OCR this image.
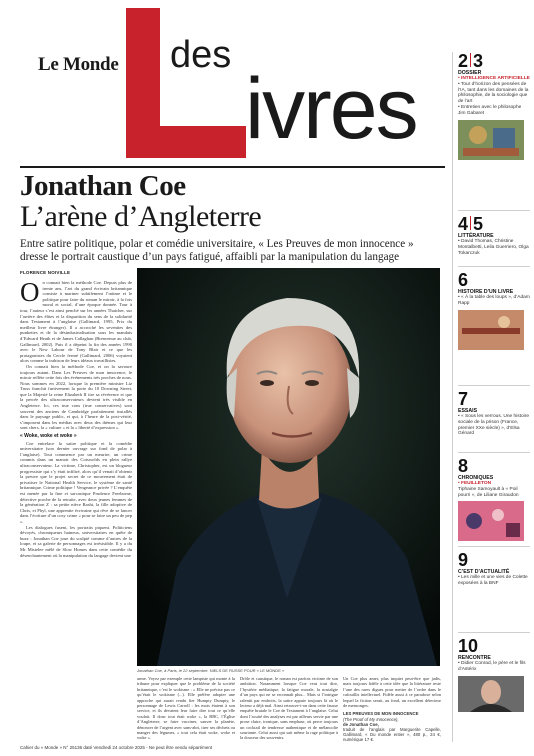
Le Monde des
ivres
Jonathan Coe
L’arène d’Angleterre
Entre satire politique, polar et comédie universitaire, « Les Preuves de mon innocence » dresse le portrait caustique d’un pays fatigué, affaibli par la manipulation du langage
FLORENCE NOIVILLE
O n connait bien la méthode Coe. Depuis plus de trente ans, l’art du grand écrivain britannique consiste à mariner subtilement l’intime et le politique pour faire du roman le miroir, à la fois moral et social, d’une époque donnée. Tour à tour, l’auteur s’est ainsi penché sur les années Thatcher, sur l’arrière des élites et la disparition du sens de la solidarité dans Testament à l’anglaise (Gallimard, 1995, Prix du meilleur livre étranger). Il a accroché les seventies des punkettes et de la désindustrialisation sous les mandats d’Edward Heath et de James Callaghan (Bienvenue au club, Gallimard, 2002). Puis il a dépeint la fin des années 1990 avec le New Labour de Tony Blair et ce que les protagonistes du Cercle fermé (Gallimard, 2006) voyaient alors comme la trahison de leurs idéaux travaillistes.

On connait bien la méthode Coe, et on la savoure toujours autant. Dans Les Preuves de mon innocence, le miroir reflète cette fois des événements très proches de nous. Nous sommes en 2022, lorsque la première ministre Liz Truss franchit furtivement la porte du 10 Downing Street, que la Majesté la reine Elizabeth II tire sa révérence et que la percée des ultraconservateurs devient très visible en Angleterre. Ici, ces true cons (true conservatives) sont souvent des anciens de Cambridge parfaitement installés dans le paysage public, et qui, à l’heure de la post-vérité, s’imposent dans les médias avec deux des thèmes qui leur sont chers, la « culture » et la « liberté d’expression ».

« Woke, woke et woke »

Coe entrelace la satire politique et la comédie universitaire (son dernier ouvrage sur fond de polar à l’anglaise). Tout commence par un meurtre, un crime commis dans un manoir des Cotswolds en plein rallye ultraconservateur. La victime, Christopher, est un blogueur progressiste qui s’y était infiltré, alors qu’il venait d’obtenir la preuve que le projet secret de ce mouvement était de privatiser le National Health Service, le système de santé britannique. Crime politique ! Vengeance privée ? L’enquête est menée par la fine et sarcastique Prudence Freeborne, détective proche de la retraite, avec deux jeunes femmes de la génération Z : sa petite nièce Rashi, la fille adoptive de Chris, et Phyl, une apprentie écrivaine qui rêve de se lancer dans l’écriture d’un cosy crime « pour se faire un peu de pep ».

Les dialogues fusent, les portraits piquent. Politiciens dévoyés, chroniqueurs haineux, universitaires en quête de buzz : Jonathan Coe joue du sculpté comme d’autres de la loupe, et sa galerie de personnages est irrésistible. Il y a du Mr Mistelee mêlé de Slow Homes dans cette comédie du désenchantement où la manipulation du langage devient une

Jonathan Coe, à Paris, le 22 septembre. NIELS DE RUSSE POUR « LE MONDE »

arme. Voyez par exemple cette lampiste qui monte à la tribune pour expliquer que le problème de la société britannique, c’est le wokisme : « Elle ne précise pas ce qu’était le wokisme (...). Elle préfère adopter une approche qui aurait rendu fier Humpty Dumpty, le personnage de Lewis Carroll : les mots étaient à son service, et ils devaient leur faire dire tout ce qu’elle voulait. Il donc tout était woke », la BBC, l’Église d’Angleterre, se faire vacciner, sauver la planète, dénoncer de l’argent avec sans-abri, tirer ses déchets ou manger des légumes, « tout cela était woke, woke et woke ».

Drôle et caustique, le roman est parfois victime de son ambition. Notamment lorsque Coe veut tout dire, l’hystérie médiatique, la fatigue morale, la nostalgie d’un pays qui ne se reconnaît plus... Mais si l’intrigue ralentit par endroits, la satire appuie toujours là où le lecteur a déjà mal. Ainsi retrouve-t-on dans cette fausse enquête brutale le Coe de Testament à l’anglaise. Celui dont l’acuité des analyses est par ailleurs servie par une prose claire, ironique, sans emphase, où perce toujours un cocktail de tendresse authentique et de mélancolie souriante. Celui aussi qui sait même la rage politique à la douceur des souvenirs.

Un Coe plus amer, plus inquiet peut-être que jadis, mais toujours fidèle à cette idée que la littérature reste l’une des rares digues pour mettre de l’ordre dans le cafouillis intellectuel. Fidèle aussi à ce paradoxe selon lequel la fiction serait, au fond, un excellent détecteur de mensonges.

LES PREUVES DE MON INNOCENCE
(The Proof of My Innocence),
de Jonathan Coe,
traduit de l’anglais par Marguerite Capelle, Gallimard, « Du monde entier », 480 p., 24 €, numérique 17 €.
Cahier du « Monde » N° 25136 daté Vendredi 24 octobre 2025 - Ne peut être vendu séparément
2 3
DOSSIER
• INTELLIGENCE ARTIFICIELLE
• Tour d’horizon des pensées de l’IA, tant dans les domaines de la philosophie, de la sociologie que de l’art
• Entretien avec le philosophe Jim Gabaret
4 5
LITTÉRATURE
• David Thomas, Christine Montalbetti, Leila Guerriero, Olga Tokarczuk
6
HISTOIRE D’UN LIVRE
• « À la table des loups », d’Adam Rapp
7
ESSAIS
• « Sous les verrous. Une histoire sociale de la prison (France, premier XXe siècle) », d’Elsa Génard
8
CHRONIQUES
• FEUILLETON
Tiphaine Samoyault à « Poil pourri », de Liliane Giraudon
9
C’EST D’ACTUALITÉ
• Les mille et une vies de Colette exposées à la BNF
10
RENCONTRE
• Didier Conrad, le père et le fils d’Astérix
